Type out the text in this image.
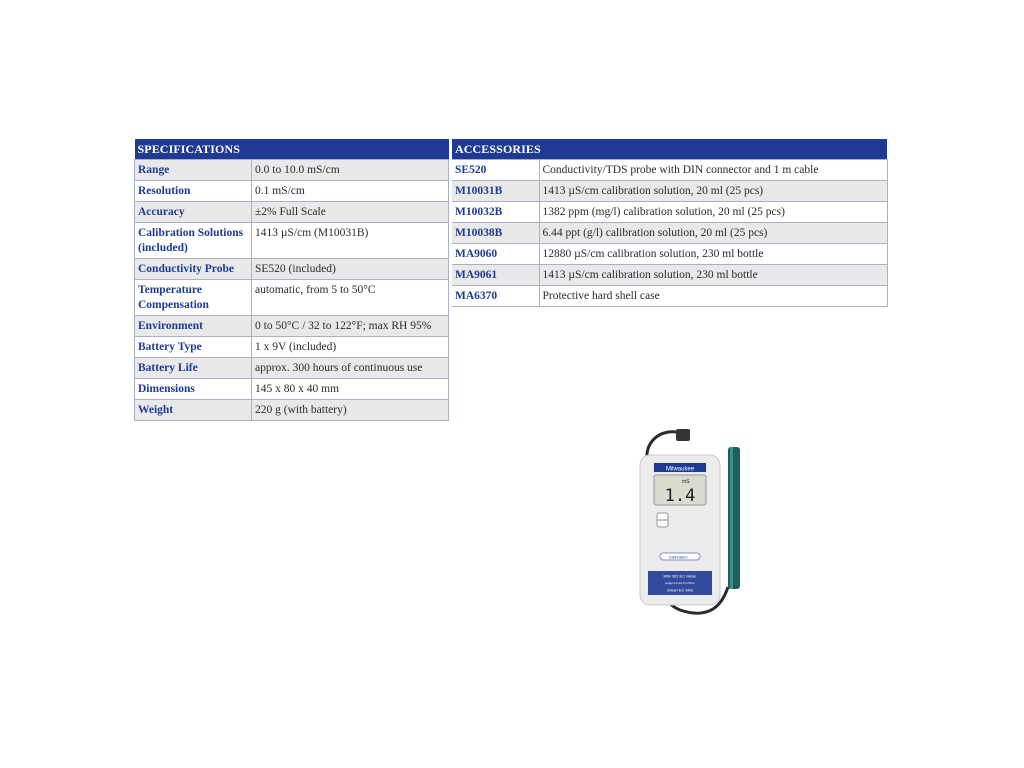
SPECIFICATIONS	
Range	0.0 to 10.0 mS/cm
Resolution	0.1 mS/cm
Accuracy	±2% Full Scale
Calibration Solutions (included)	1413 µS/cm (M10031B)
Conductivity Probe	SE520 (included)
Temperature Compensation	automatic, from 5 to 50°C
Environment	0 to 50°C / 32 to 122°F; max RH 95%
Battery Type	1 x 9V (included)
Battery Life	approx. 300 hours of continuous use
Dimensions	145 x 80 x 40 mm
Weight	220 g (with battery)
ACCESSORIES	
SE520	Conductivity/TDS probe with DIN connector and 1 m cable
M10031B	1413 µS/cm calibration solution, 20 ml (25 pcs)
M10032B	1382 ppm (mg/l) calibration solution, 20 ml (25 pcs)
M10038B	6.44 ppt (g/l) calibration solution, 20 ml (25 pcs)
MA9060	12880 µS/cm calibration solution, 230 ml bottle
MA9061	1413 µS/cm calibration solution, 230 ml bottle
MA6370	Protective hard shell case
Milwaukee
mS
1.4
ON OFF
Calibration
MW 302 EC Meter
range 0.0-10.0 mS/cm
Smart EC Mini
